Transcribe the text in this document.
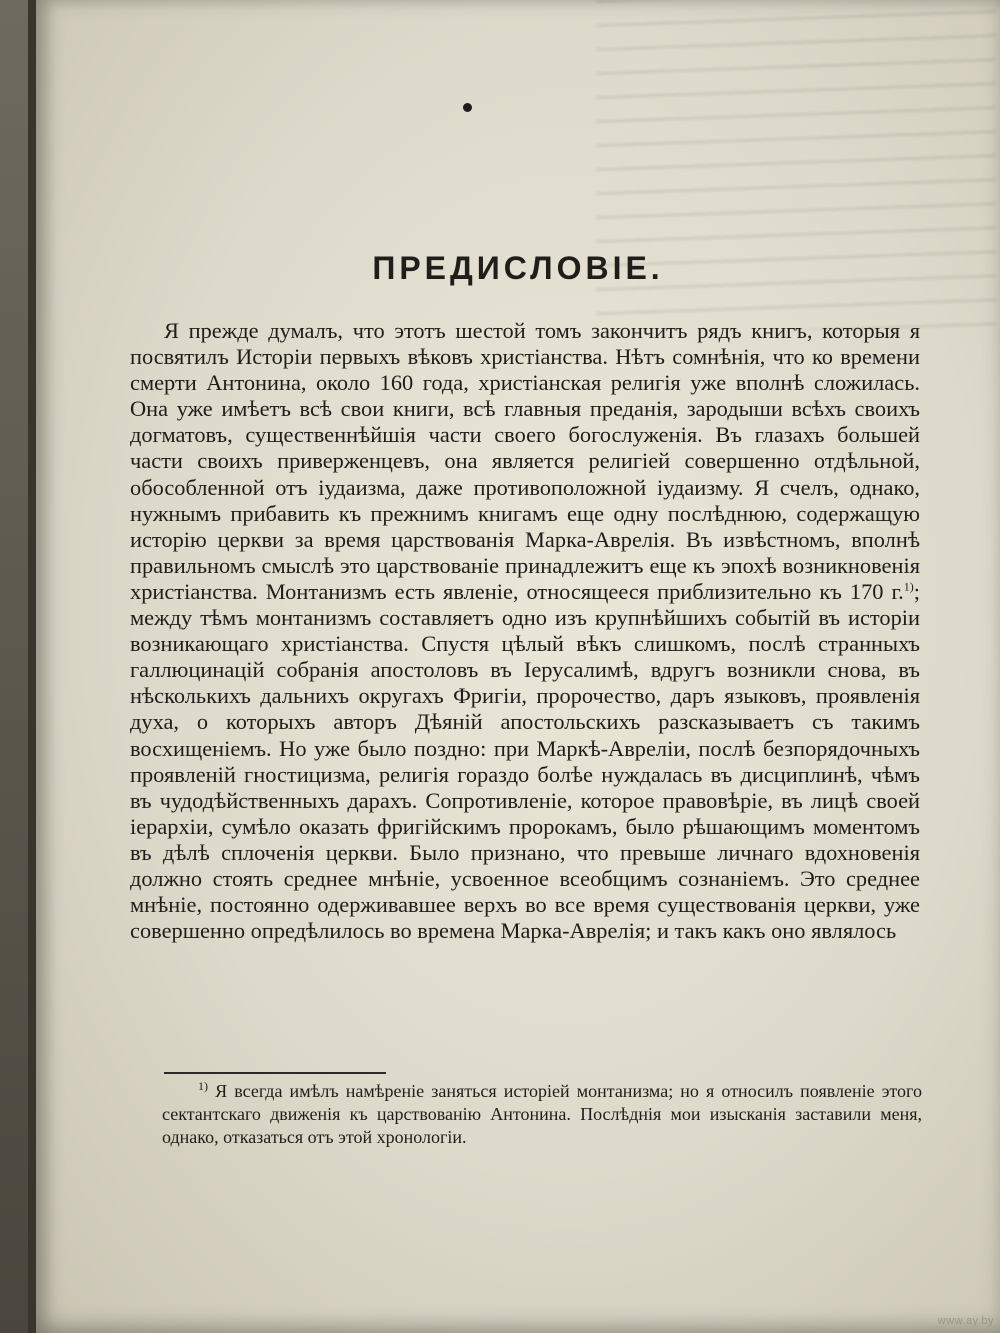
ПРЕДИСЛОВІЕ.

Я прежде думалъ, что этотъ шестой томъ закончитъ рядъ книгъ, которыя я посвятилъ Исторіи первыхъ вѣковъ христіанства. Нѣтъ сомнѣнія, что ко времени смерти Антонина, около 160 года, христіанская религія уже вполнѣ сложилась. Она уже имѣетъ всѣ свои книги, всѣ главныя преданія, зародыши всѣхъ своихъ догматовъ, существеннѣйшія части своего богослуженія. Въ глазахъ большей части своихъ приверженцевъ, она является религіей совершенно отдѣльной, обособленной отъ іудаизма, даже противоположной іудаизму. Я счелъ, однако, нужнымъ прибавить къ прежнимъ книгамъ еще одну послѣднюю, содержащую исторію церкви за время царствованія Марка-Аврелія. Въ извѣстномъ, вполнѣ правильномъ смыслѣ это царствованіе принадлежитъ еще къ эпохѣ возникновенія христіанства. Монтанизмъ есть явленіе, относящееся приблизительно къ 170 г.$^{1)}$; между тѣмъ монтанизмъ составляетъ одно изъ крупнѣйшихъ событій въ исторіи возникающаго христіанства. Спустя цѣлый вѣкъ слишкомъ, послѣ странныхъ галлюцинацій собранія апостоловъ въ Іерусалимѣ, вдругъ возникли снова, въ нѣсколькихъ дальнихъ округахъ Фригіи, пророчество, даръ языковъ, проявленія духа, о которыхъ авторъ Дѣяній апостольскихъ разсказываетъ съ такимъ восхищеніемъ. Но уже было поздно: при Маркѣ-Авреліи, послѣ безпорядочныхъ проявленій гностицизма, религія гораздо болѣе нуждалась въ дисциплинѣ, чѣмъ въ чудодѣйственныхъ дарахъ. Сопротивленіе, которое правовѣріе, въ лицѣ своей іерархіи, сумѣло оказать фригійскимъ пророкамъ, было рѣшающимъ моментомъ въ дѣлѣ сплоченія церкви. Было признано, что превыше личнаго вдохновенія должно стоять среднее мнѣніе, усвоенное всеобщимъ сознаніемъ. Это среднее мнѣніе, постоянно одерживавшее верхъ во все время существованія церкви, уже совершенно опредѣлилось во времена Марка-Аврелія; и такъ какъ оно являлось

$^{1)}$ Я всегда имѣлъ намѣреніе заняться исторіей монтанизма; но я относилъ появленіе этого сектантскаго движенія къ царствованію Антонина. Послѣднія мои изысканія заставили меня, однако, отказаться отъ этой хронологіи.

www.ay.by
